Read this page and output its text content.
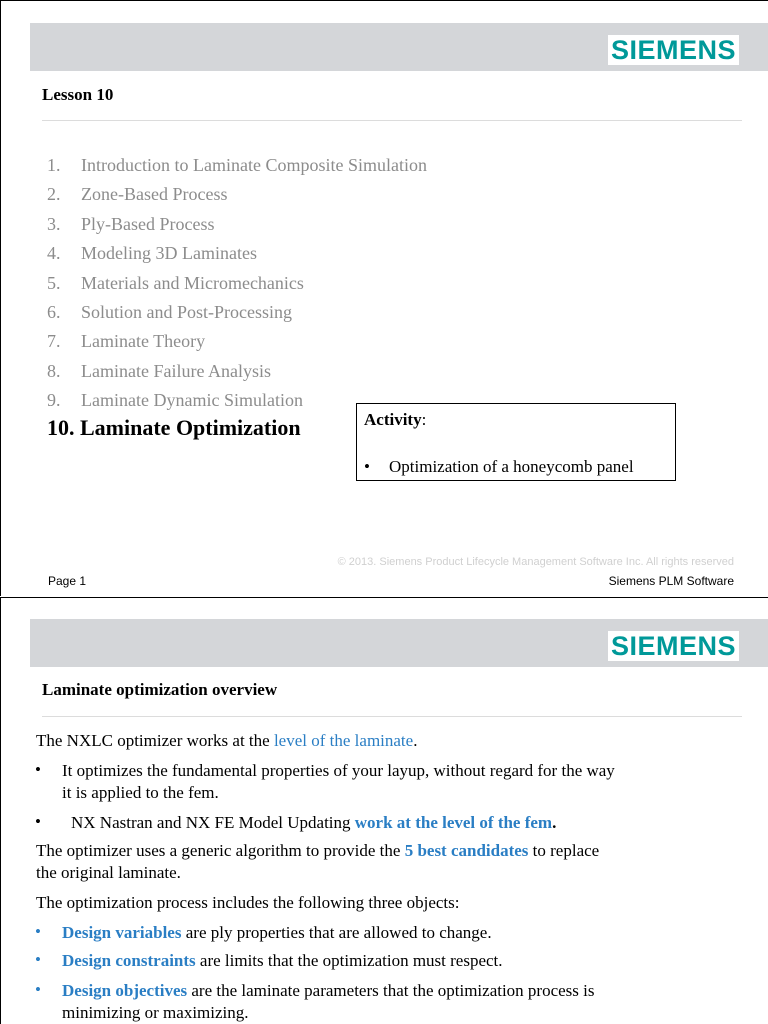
SIEMENS
Lesson 10
1. Introduction to Laminate Composite Simulation
2. Zone-Based Process
3. Ply-Based Process
4. Modeling 3D Laminates
5. Materials and Micromechanics
6. Solution and Post-Processing
7. Laminate Theory
8. Laminate Failure Analysis
9. Laminate Dynamic Simulation
10. Laminate Optimization	Activity:
• Optimization of a honeycomb panel
© 2013. Siemens Product Lifecycle Management Software Inc. All rights reserved
Page 1	Siemens PLM Software
SIEMENS
Laminate optimization overview
The NXLC optimizer works at the level of the laminate.
• It optimizes the fundamental properties of your layup, without regard for the way
it is applied to the fem.
• NX Nastran and NX FE Model Updating work at the level of the fem.
The optimizer uses a generic algorithm to provide the 5 best candidates to replace
the original laminate.
The optimization process includes the following three objects:
• Design variables are ply properties that are allowed to change.
• Design constraints are limits that the optimization must respect.
• Design objectives are the laminate parameters that the optimization process is
minimizing or maximizing.
